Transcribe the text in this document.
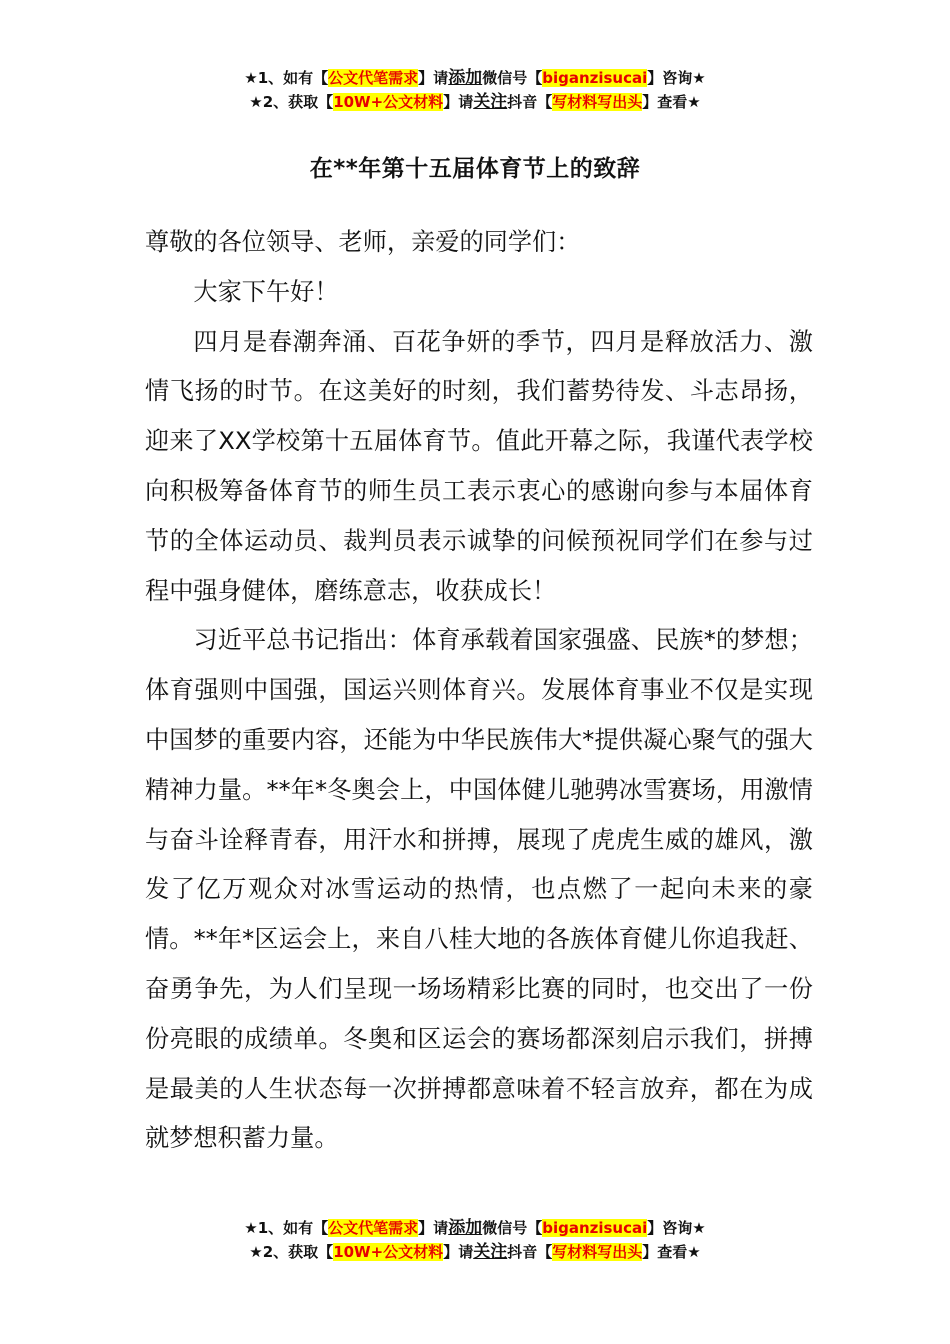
★1、如有【公文代笔需求】请添加微信号【biganzisucai】咨询★
★2、获取【10W+公文材料】请关注抖音【写材料写出头】查看★
在**年第十五届体育节上的致辞

尊敬的各位领导、老师，亲爱的同学们：

大家下午好！

四月是春潮奔涌、百花争妍的季节，四月是释放活力、激情飞扬的时节。在这美好的时刻，我们蓄势待发、斗志昂扬，迎来了XX学校第十五届体育节。值此开幕之际，我谨代表学校向积极筹备体育节的师生员工表示衷心的感谢向参与本届体育节的全体运动员、裁判员表示诚挚的问候预祝同学们在参与过程中强身健体，磨练意志，收获成长！

习近平总书记指出：体育承载着国家强盛、民族*的梦想；体育强则中国强，国运兴则体育兴。发展体育事业不仅是实现中国梦的重要内容，还能为中华民族伟大*提供凝心聚气的强大精神力量。**年*冬奥会上，中国体健儿驰骋冰雪赛场，用激情与奋斗诠释青春，用汗水和拼搏，展现了虎虎生威的雄风，激发了亿万观众对冰雪运动的热情，也点燃了一起向未来的豪情。**年*区运会上，来自八桂大地的各族体育健儿你追我赶、奋勇争先，为人们呈现一场场精彩比赛的同时，也交出了一份份亮眼的成绩单。冬奥和区运会的赛场都深刻启示我们，拼搏是最美的人生状态每一次拼搏都意味着不轻言放弃，都在为成就梦想积蓄力量。

★1、如有【公文代笔需求】请添加微信号【biganzisucai】咨询★
★2、获取【10W+公文材料】请关注抖音【写材料写出头】查看★
